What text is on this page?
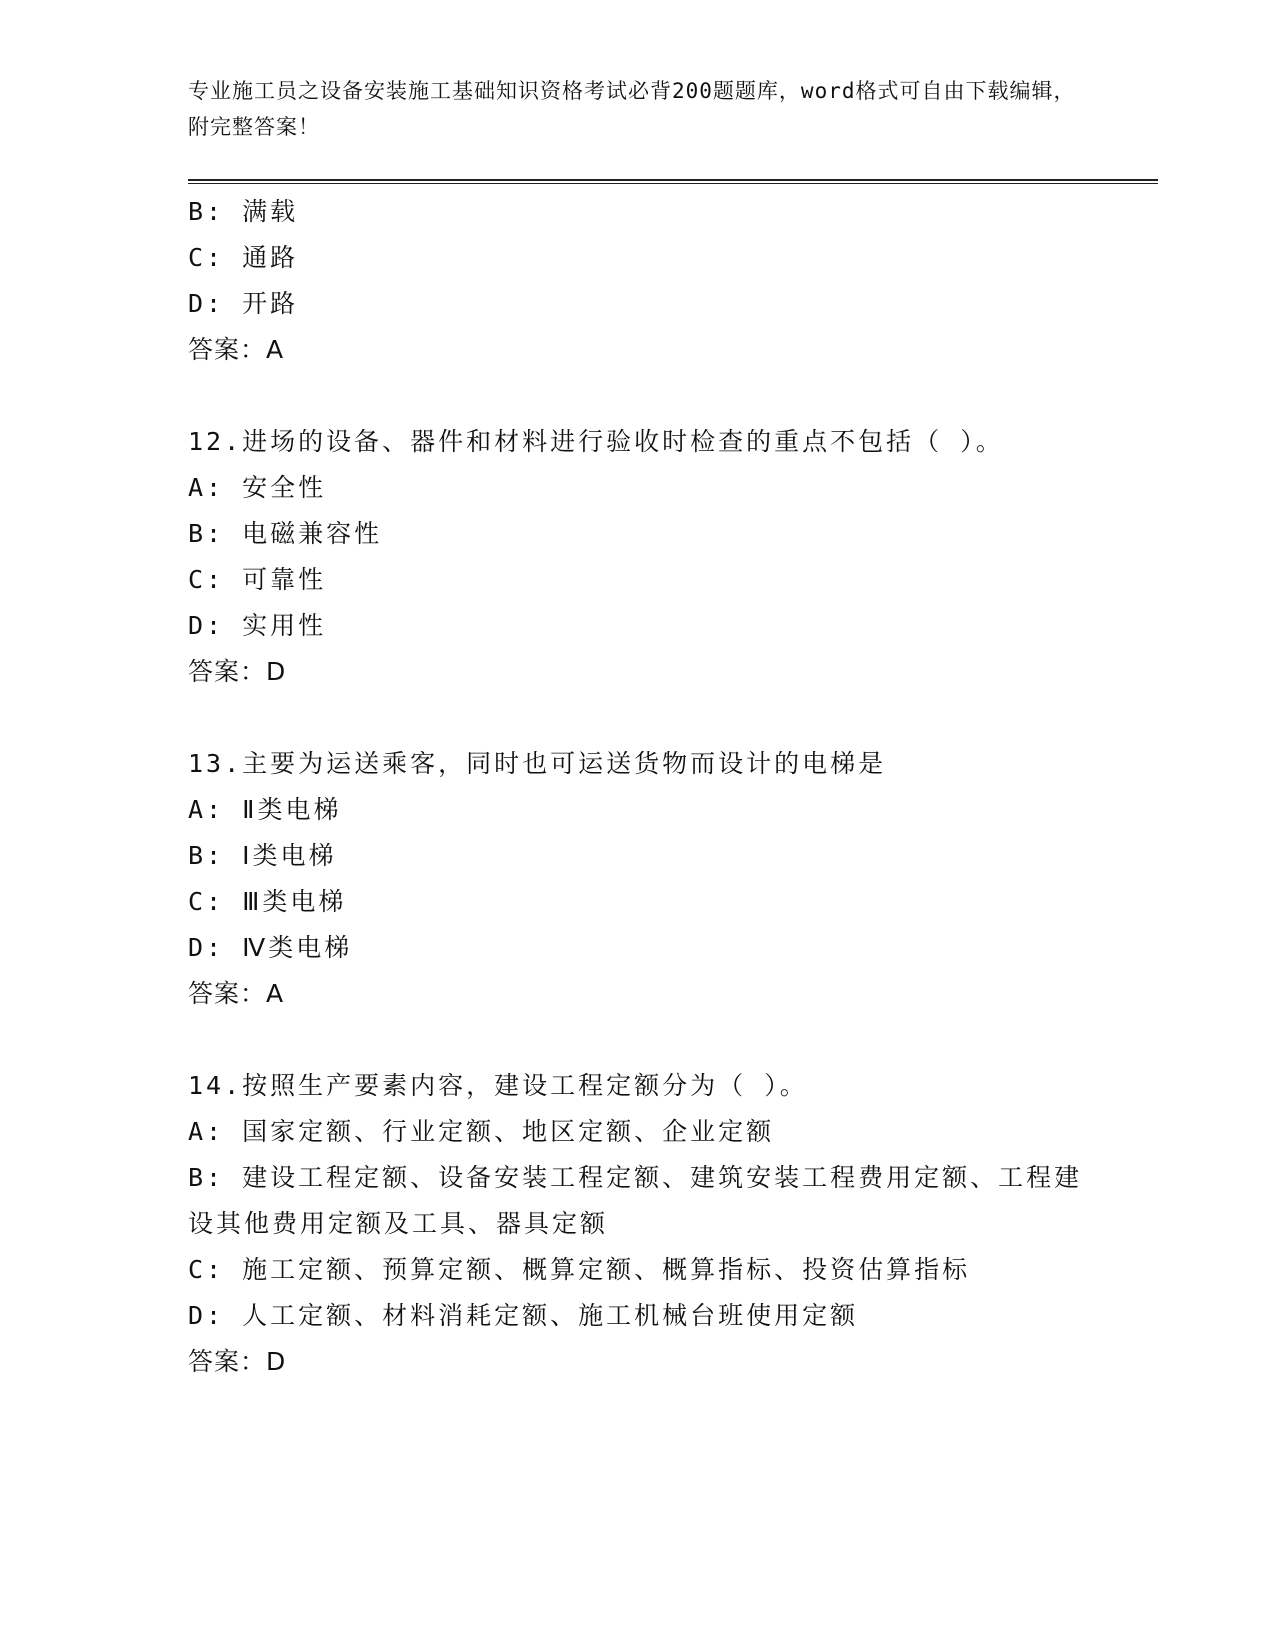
专业施工员之设备安装施工基础知识资格考试必背200题题库，word格式可自由下载编辑，附完整答案！
B: 满载
C: 通路
D: 开路
答案：A
12.进场的设备、器件和材料进行验收时检查的重点不包括（ ）。
A: 安全性
B: 电磁兼容性
C: 可靠性
D: 实用性
答案：D
13.主要为运送乘客，同时也可运送货物而设计的电梯是
A: Ⅱ类电梯
B: Ⅰ类电梯
C: Ⅲ类电梯
D: Ⅳ类电梯
答案：A
14.按照生产要素内容，建设工程定额分为（ ）。
A: 国家定额、行业定额、地区定额、企业定额
B: 建设工程定额、设备安装工程定额、建筑安装工程费用定额、工程建设其他费用定额及工具、器具定额
C: 施工定额、预算定额、概算定额、概算指标、投资估算指标
D: 人工定额、材料消耗定额、施工机械台班使用定额
答案：D
